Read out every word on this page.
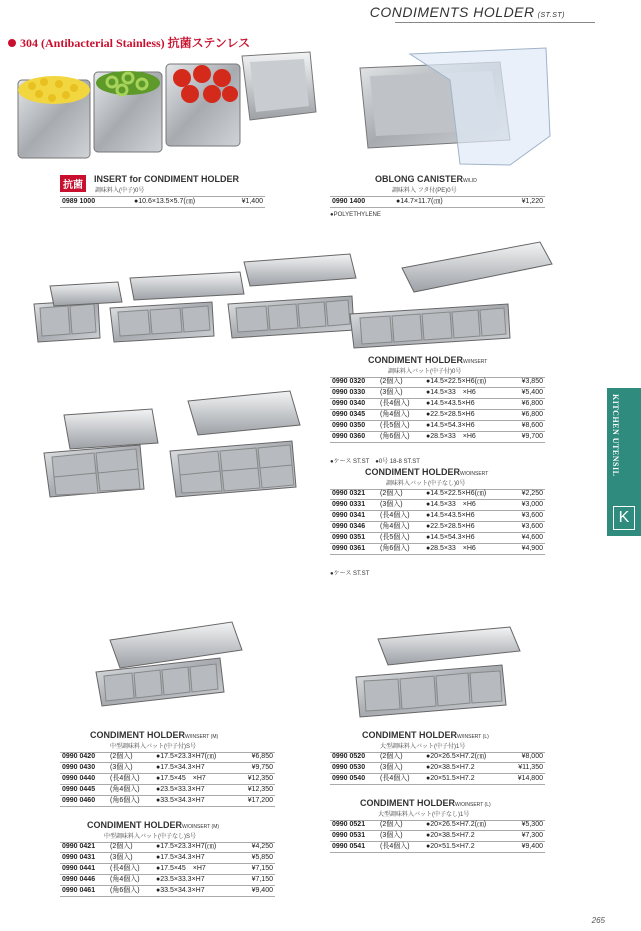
CONDIMENTS HOLDER (ST.ST)
304 (Antibacterial Stainless) 抗菌ステンレス
KITCHEN UTENSIL
K
抗菌
INSERT for CONDIMENT HOLDER
調味料入(中子)0号
0989 1000	●10.6×13.5×5.7(㎝)	¥1,400
OBLONG CANISTERW/LID
調味料入 フタ付(PE)0号
0990 1400	●14.7×11.7(㎝)	¥1,220
●POLYETHYLENE
CONDIMENT HOLDERW/INSERT
調味料入バット(中子付)0号
●ケース ST.ST　●0号 18-8 ST.ST
CONDIMENT HOLDERW/OINSERT
調味料入バット(中子なし)0号
●ケース ST.ST
CONDIMENT HOLDERW/INSERT (M)
中型調味料入バット(中子付)S号
CONDIMENT HOLDERW/OINSERT (M)
中型調味料入バット(中子なし)S号
CONDIMENT HOLDERW/INSERT (L)
大型調味料入バット(中子付)1号
CONDIMENT HOLDERW/OINSERT (L)
大型調味料入バット(中子なし)1号
265
0990 0320 (2個入)	●14.5×22.5×H6(㎝)	¥3,850
0990 0330 (3個入)	●14.5×33　×H6	¥5,400
0990 0340 (長4個入) ●14.5×43.5×H6	¥6,800
0990 0345 (角4個入) ●22.5×28.5×H6	¥6,800
0990 0350 (長5個入) ●14.5×54.3×H6	¥8,600
0990 0360 (角6個入) ●28.5×33　×H6	¥9,700
0990 0321 (2個入)	●14.5×22.5×H6(㎝)	¥2,250
0990 0331 (3個入)	●14.5×33　×H6	¥3,000
0990 0341 (長4個入) ●14.5×43.5×H6	¥3,600
0990 0346 (角4個入) ●22.5×28.5×H6	¥3,600
0990 0351 (長5個入) ●14.5×54.3×H6	¥4,600
0990 0361 (角6個入) ●28.5×33　×H6	¥4,900
0990 0420 (2個入)	●17.5×23.3×H7(㎝)	¥6,850
0990 0430 (3個入)	●17.5×34.3×H7	¥9,750
0990 0440 (長4個入) ●17.5×45　×H7	¥12,350
0990 0445 (角4個入) ●23.5×33.3×H7	¥12,350
0990 0460 (角6個入) ●33.5×34.3×H7	¥17,200
0990 0421 (2個入)	●17.5×23.3×H7(㎝)	¥4,250
0990 0431 (3個入)	●17.5×34.3×H7	¥5,850
0990 0441 (長4個入) ●17.5×45　×H7	¥7,150
0990 0446 (角4個入) ●23.5×33.3×H7	¥7,150
0990 0461 (角6個入) ●33.5×34.3×H7	¥9,400
0990 0520 (2個入)	●20×26.5×H7.2(㎝)	¥8,000
0990 0530 (3個入)	●20×38.5×H7.2	¥11,350
0990 0540 (長4個入) ●20×51.5×H7.2	¥14,800
0990 0521 (2個入)	●20×26.5×H7.2(㎝)	¥5,300
0990 0531 (3個入)	●20×38.5×H7.2	¥7,300
0990 0541 (長4個入) ●20×51.5×H7.2	¥9,400
